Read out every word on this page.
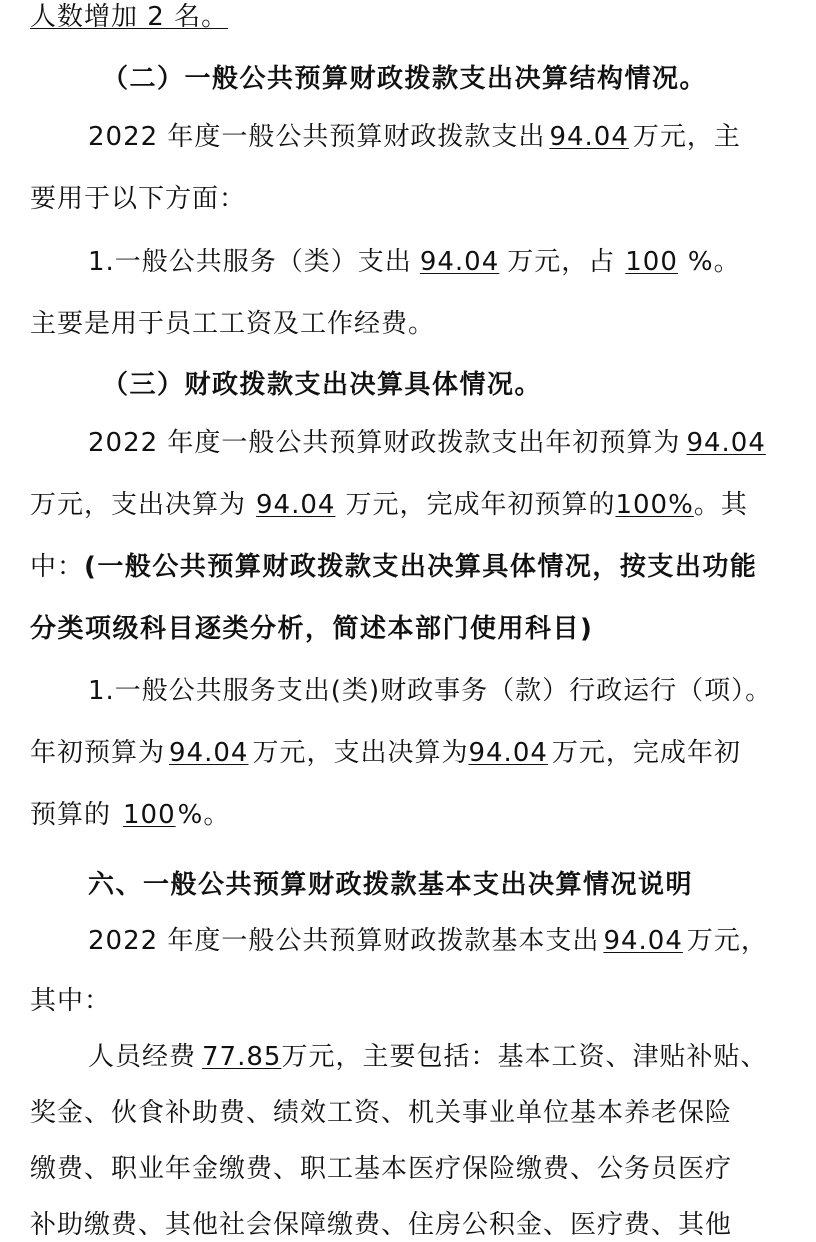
人数增加 2 名。
（二）一般公共预算财政拨款支出决算结构情况。
2022 年度一般公共预算财政拨款支出 94.04 万元，主
要用于以下方面：
1.一般公共服务（类）支出 94.04 万元，占 100 %。
主要是用于员工工资及工作经费。
（三）财政拨款支出决算具体情况。
2022 年度一般公共预算财政拨款支出年初预算为 94.04
万元，支出决算为 94.04 万元，完成年初预算的100%。其
中：(一般公共预算财政拨款支出决算具体情况，按支出功能
分类项级科目逐类分析，简述本部门使用科目)
1.一般公共服务支出(类)财政事务（款）行政运行（项）。
年初预算为 94.04 万元，支出决算为94.04 万元，完成年初
预算的 100%。
六、一般公共预算财政拨款基本支出决算情况说明
2022 年度一般公共预算财政拨款基本支出 94.04 万元，
其中：
人员经费 77.85万元，主要包括：基本工资、津贴补贴、
奖金、伙食补助费、绩效工资、机关事业单位基本养老保险
缴费、职业年金缴费、职工基本医疗保险缴费、公务员医疗
补助缴费、其他社会保障缴费、住房公积金、医疗费、其他
